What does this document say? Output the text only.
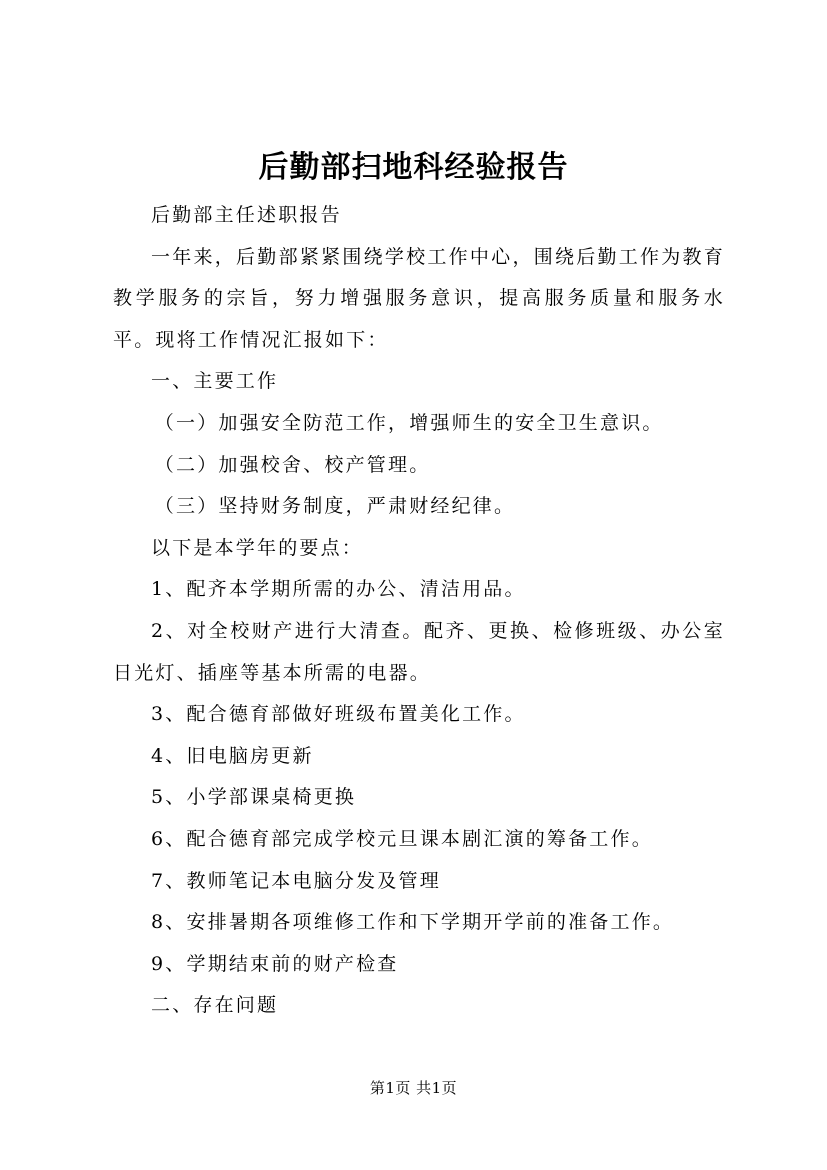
后勤部扫地科经验报告

后勤部主任述职报告

一年来，后勤部紧紧围绕学校工作中心，围绕后勤工作为教育教学服务的宗旨，努力增强服务意识，提高服务质量和服务水平。现将工作情况汇报如下：

一、主要工作

（一）加强安全防范工作，增强师生的安全卫生意识。

（二）加强校舍、校产管理。

（三）坚持财务制度，严肃财经纪律。

以下是本学年的要点：

1、配齐本学期所需的办公、清洁用品。

2、对全校财产进行大清查。配齐、更换、检修班级、办公室日光灯、插座等基本所需的电器。

3、配合德育部做好班级布置美化工作。

4、旧电脑房更新

5、小学部课桌椅更换

6、配合德育部完成学校元旦课本剧汇演的筹备工作。

7、教师笔记本电脑分发及管理

8、安排暑期各项维修工作和下学期开学前的准备工作。

9、学期结束前的财产检查

二、存在问题

第1页 共1页
